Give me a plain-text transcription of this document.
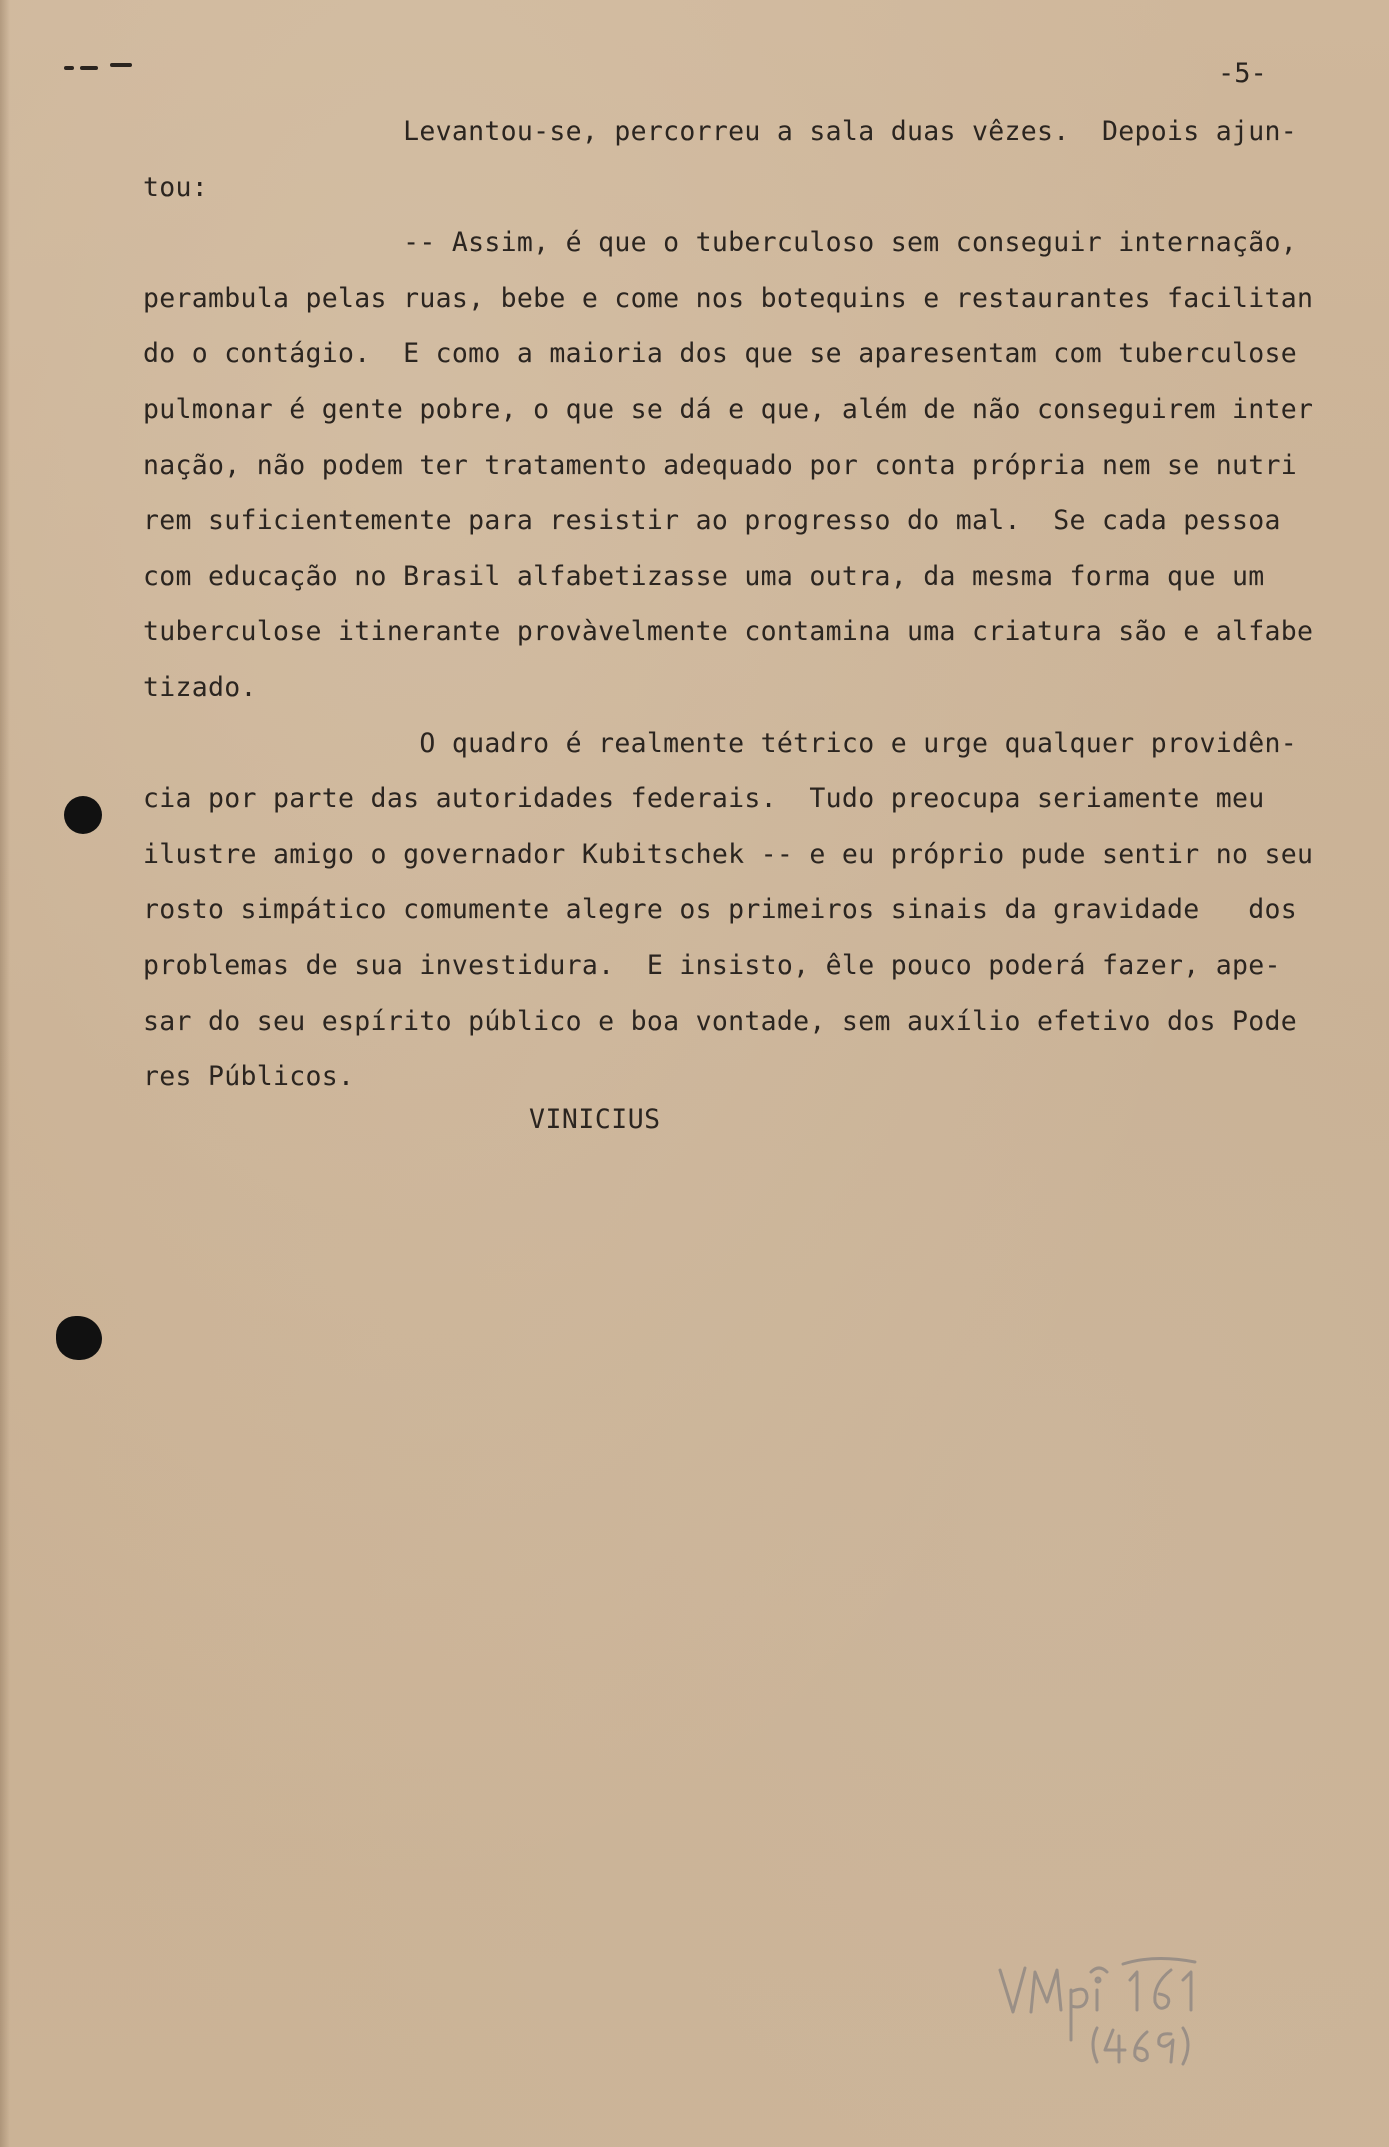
-5-
Levantou-se, percorreu a sala duas vêzes.  Depois ajun-
tou:
-- Assim, é que o tuberculoso sem conseguir internação,
perambula pelas ruas, bebe e come nos botequins e restaurantes facilitan
do o contágio.  E como a maioria dos que se aparesentam com tuberculose
pulmonar é gente pobre, o que se dá e que, além de não conseguirem inter
nação, não podem ter tratamento adequado por conta própria nem se nutri
rem suficientemente para resistir ao progresso do mal.  Se cada pessoa
com educação no Brasil alfabetizasse uma outra, da mesma forma que um
tuberculose itinerante provàvelmente contamina uma criatura são e alfabe
tizado.
O quadro é realmente tétrico e urge qualquer providên-
cia por parte das autoridades federais.  Tudo preocupa seriamente meu
ilustre amigo o governador Kubitschek -- e eu próprio pude sentir no seu
rosto simpático comumente alegre os primeiros sinais da gravidade   dos
problemas de sua investidura.  E insisto, êle pouco poderá fazer, ape-
sar do seu espírito público e boa vontade, sem auxílio efetivo dos Pode
res Públicos.
VINICIUS
